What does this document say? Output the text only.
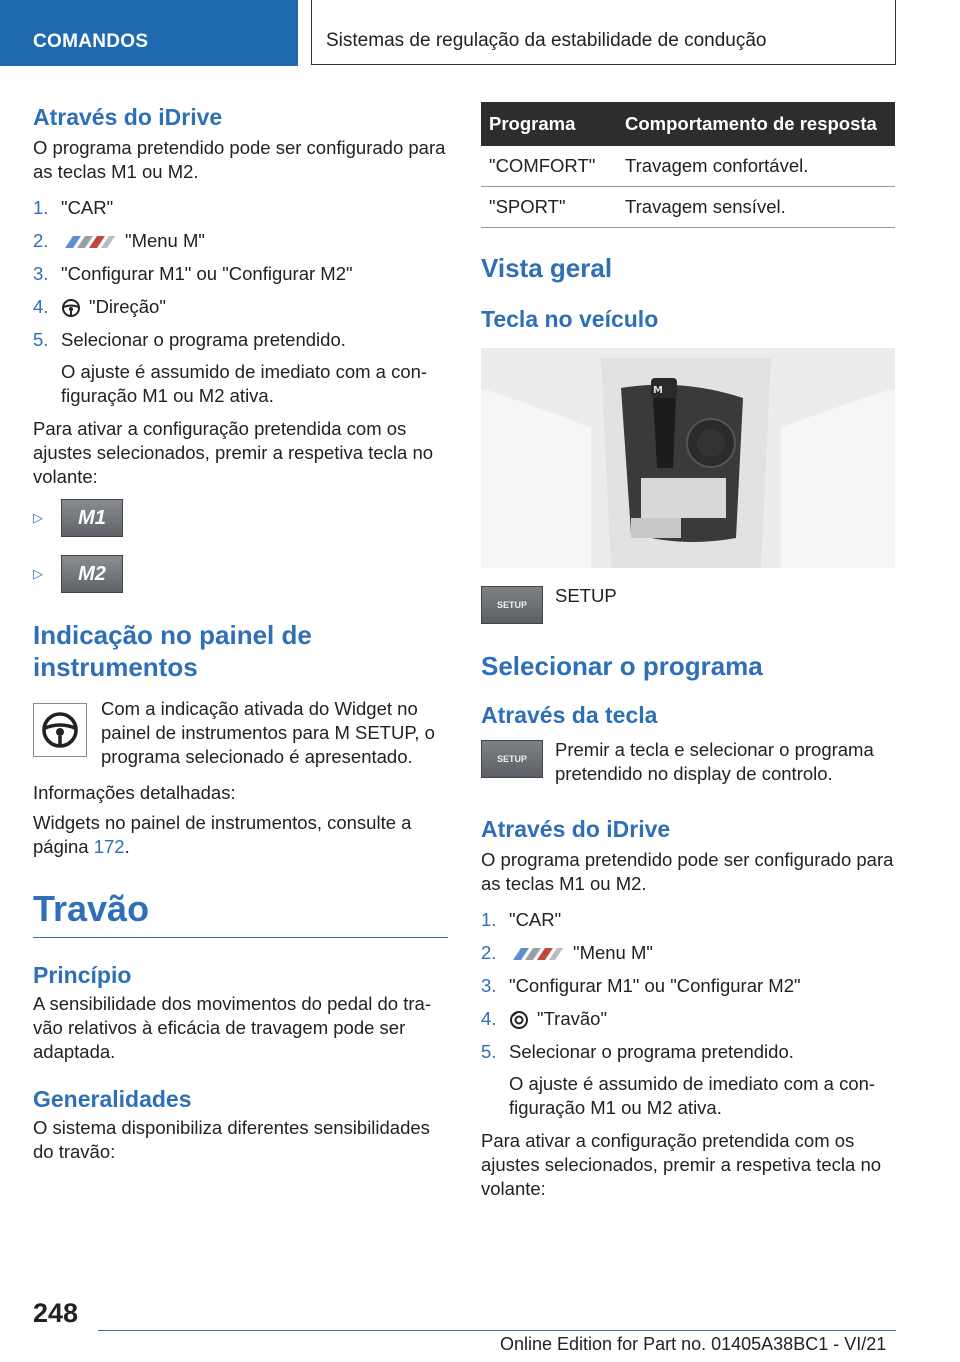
COMANDOS	Sistemas de regulação da estabilidade de condução
Através do iDrive

O programa pretendido pode ser configurado para as teclas M1 ou M2.

1. "CAR"
2.	"Menu M"
3. "Configurar M1" ou "Configurar M2"
4. "Direção"
5. Selecionar o programa pretendido.

O ajuste é assumido de imediato com a configuração M1 ou M2 ativa.

Para ativar a configuração pretendida com os ajustes selecionados, premir a respetiva tecla no volante:

▷	M1
▷	M2
Indicação no painel de instrumentos

Com a indicação ativada do Widget no painel de instrumentos para M SETUP, o programa selecionado é apresentado.

Informações detalhadas:

Widgets no painel de instrumentos, consulte a página 172.

Travão
Princípio

A sensibilidade dos movimentos do pedal do travão relativos à eficácia de travagem pode ser adaptada.

Generalidades

O sistema disponibiliza diferentes sensibilidades do travão:

Programa	Comportamento de resposta
"COMFORT"	Travagem confortável.
"SPORT"	Travagem sensível.
Vista geral
Tecla no veículo
M
SETUP SETUP

Selecionar o programa
Através da tecla
SETUP Premir a tecla e selecionar o programa pretendido no display de controlo.

Através do iDrive

O programa pretendido pode ser configurado para as teclas M1 ou M2.

1. "CAR"
2.	"Menu M"
3. "Configurar M1" ou "Configurar M2"
4. "Travão"
5. Selecionar o programa pretendido.

O ajuste é assumido de imediato com a configuração M1 ou M2 ativa.

Para ativar a configuração pretendida com os ajustes selecionados, premir a respetiva tecla no volante:

248
Online Edition for Part no. 01405A38BC1 - VI/21
